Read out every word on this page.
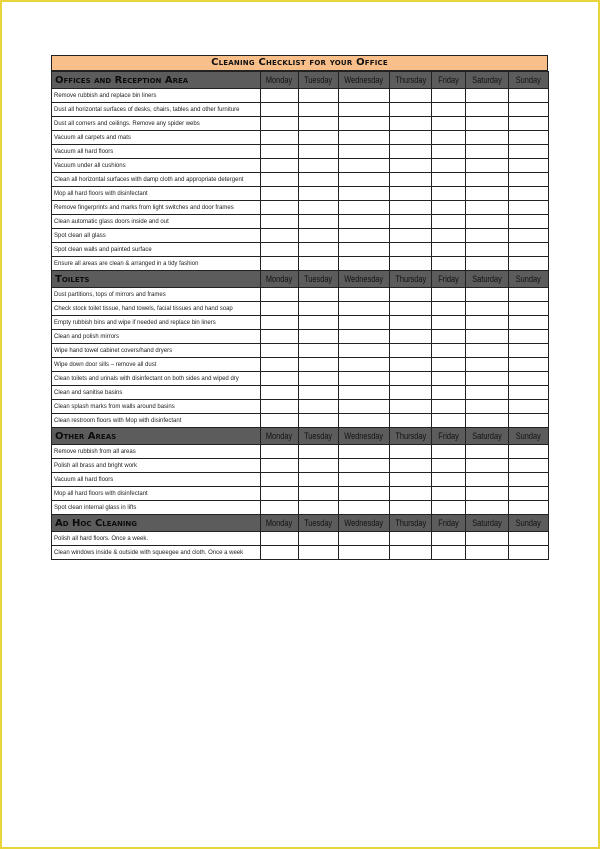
Cleaning Checklist for your Office
Offices and Reception Area	Monday	Tuesday	Wednesday	Thursday	Friday	Saturday	Sunday
Remove rubbish and replace bin liners							
Dust all horizontal surfaces of desks, chairs, tables and other furniture							
Dust all corners and ceilings. Remove any spider webs							
Vacuum all carpets and mats							
Vacuum all hard floors							
Vacuum under all cushions							
Clean all horizontal surfaces with damp cloth and appropriate detergent							
Mop all hard floors with disinfectant							
Remove fingerprints and marks from light switches and door frames							
Clean automatic glass doors inside and out							
Spot clean all glass							
Spot clean walls and painted surface							
Ensure all areas are clean & arranged in a tidy fashion							
Toilets	Monday	Tuesday	Wednesday	Thursday	Friday	Saturday	Sunday
Dust partitions, tops of mirrors and frames							
Check stock toilet tissue, hand towels, facial tissues and hand soap							
Empty rubbish bins and wipe if needed and replace bin liners							
Clean and polish mirrors							
Wipe hand towel cabinet covers/hand dryers							
Wipe down door sills – remove all dust							
Clean toilets and urinals with disinfectant on both sides and wiped dry							
Clean and sanitise basins							
Clean splash marks from walls around basins							
Clean restroom floors with Mop with disinfectant							
Other Areas	Monday	Tuesday	Wednesday	Thursday	Friday	Saturday	Sunday
Remove rubbish from all areas							
Polish all brass and bright work							
Vacuum all hard floors							
Mop all hard floors with disinfectant							
Spot clean internal glass in lifts							
Ad Hoc Cleaning	Monday	Tuesday	Wednesday	Thursday	Friday	Saturday	Sunday
Polish all hard floors. Once a week.							
Clean windows inside & outside with squeegee and cloth. Once a week							
